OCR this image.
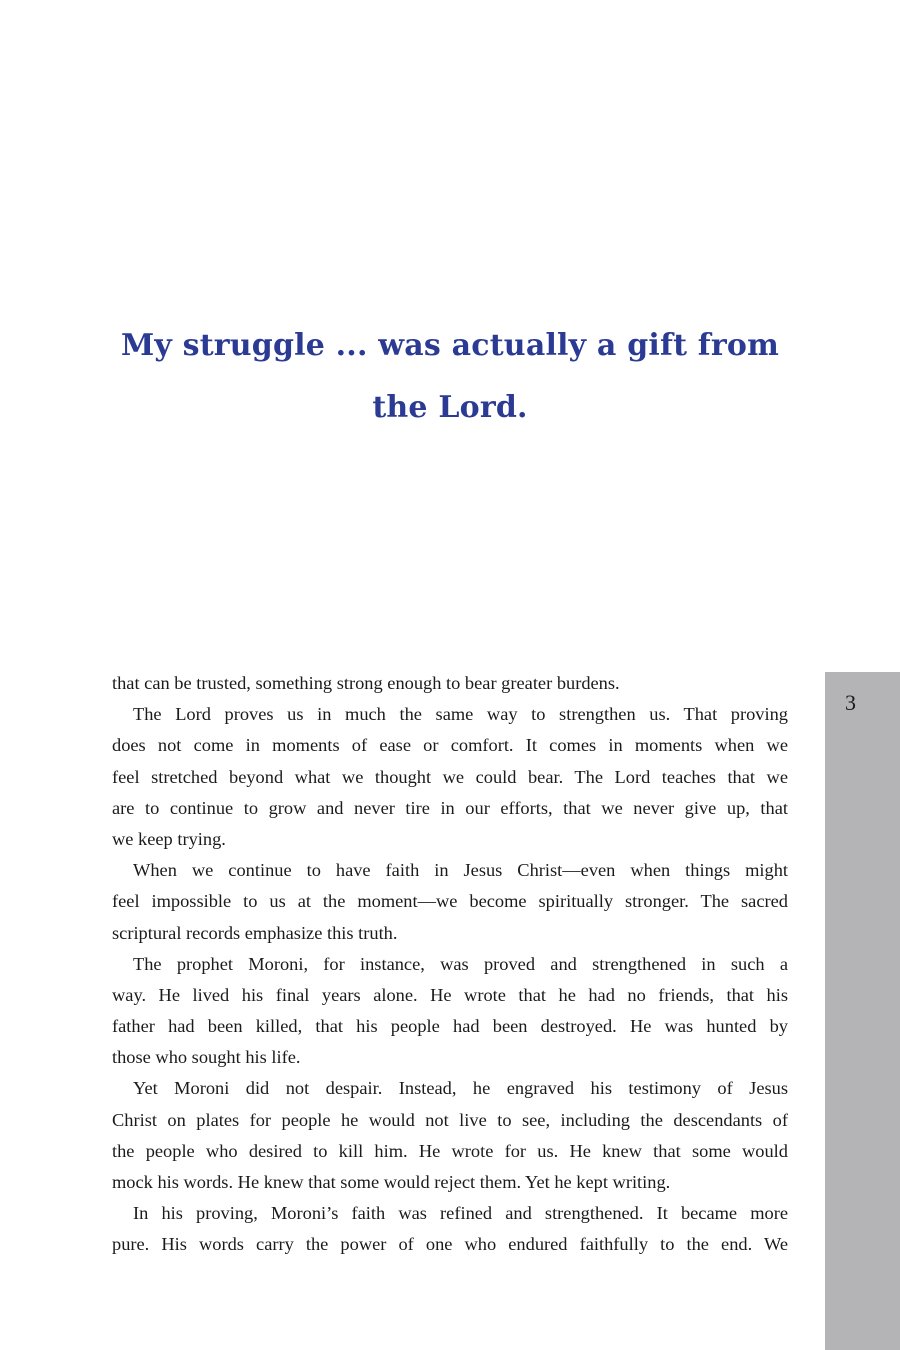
My struggle ... was actually a gift from
the Lord.
that can be trusted, something strong enough to bear greater burdens.
The Lord proves us in much the same way to strengthen us. That proving
does not come in moments of ease or comfort. It comes in moments when we
feel stretched beyond what we thought we could bear. The Lord teaches that we
are to continue to grow and never tire in our efforts, that we never give up, that
we keep trying.
When we continue to have faith in Jesus Christ—even when things might
feel impossible to us at the moment—we become spiritually stronger. The sacred
scriptural records emphasize this truth.
The prophet Moroni, for instance, was proved and strengthened in such a
way. He lived his final years alone. He wrote that he had no friends, that his
father had been killed, that his people had been destroyed. He was hunted by
those who sought his life.
Yet Moroni did not despair. Instead, he engraved his testimony of Jesus
Christ on plates for people he would not live to see, including the descendants of
the people who desired to kill him. He wrote for us. He knew that some would
mock his words. He knew that some would reject them. Yet he kept writing.
In his proving, Moroni’s faith was refined and strengthened. It became more
pure. His words carry the power of one who endured faithfully to the end. We
3
